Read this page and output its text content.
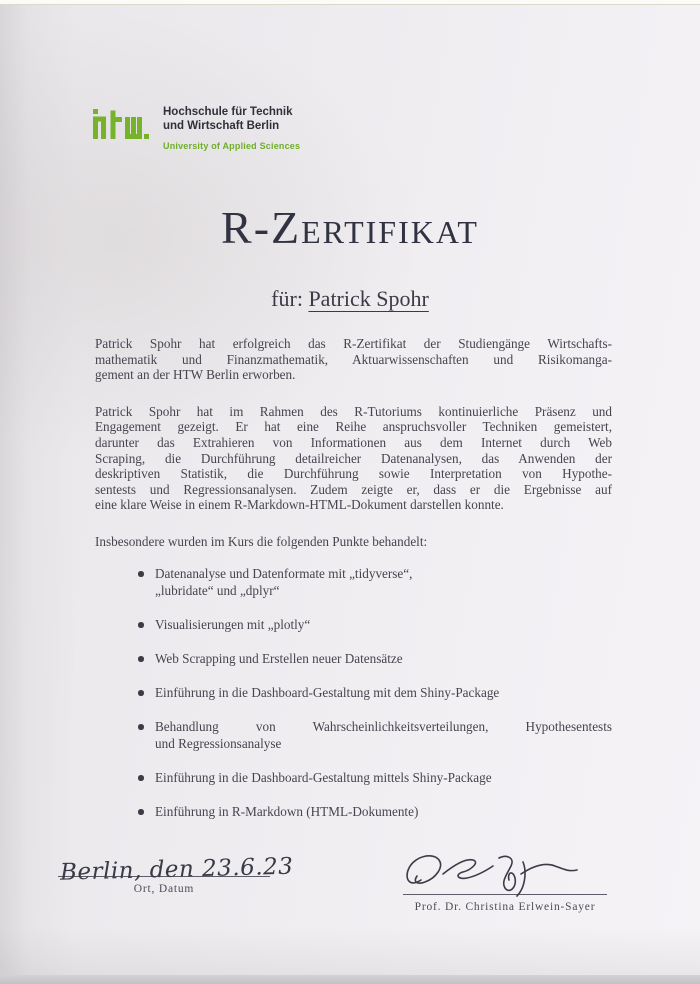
Hochschule für Technik
und Wirtschaft Berlin
University of Applied Sciences
R-Zertifikat
für: Patrick Spohr

Patrick Spohr hat erfolgreich das R-Zertifikat der Studiengänge Wirtschafts-
mathematik und Finanzmathematik, Aktuarwissenschaften und Risikomanga-
gement an der HTW Berlin erworben.

Patrick Spohr hat im Rahmen des R-Tutoriums kontinuierliche Präsenz und
Engagement gezeigt. Er hat eine Reihe anspruchsvoller Techniken gemeistert,
darunter das Extrahieren von Informationen aus dem Internet durch Web
Scraping, die Durchführung detailreicher Datenanalysen, das Anwenden der
deskriptiven Statistik, die Durchführung sowie Interpretation von Hypothe-
sentests und Regressionsanalysen. Zudem zeigte er, dass er die Ergebnisse auf
eine klare Weise in einem R-Markdown-HTML-Dokument darstellen konnte.

Insbesondere wurden im Kurs die folgenden Punkte behandelt:

Datenanalyse und Datenformate mit „tidyverse“,
„lubridate“ und „dplyr“
Visualisierungen mit „plotly“
Web Scrapping und Erstellen neuer Datensätze
Einführung in die Dashboard-Gestaltung mit dem Shiny-Package
Behandlung von Wahrscheinlichkeitsverteilungen, Hypothesentests
und Regressionsanalyse
Einführung in die Dashboard-Gestaltung mittels Shiny-Package
Einführung in R-Markdown (HTML-Dokumente)
Berlin, den 23.6.23
Ort, Datum
Prof. Dr. Christina Erlwein-Sayer
